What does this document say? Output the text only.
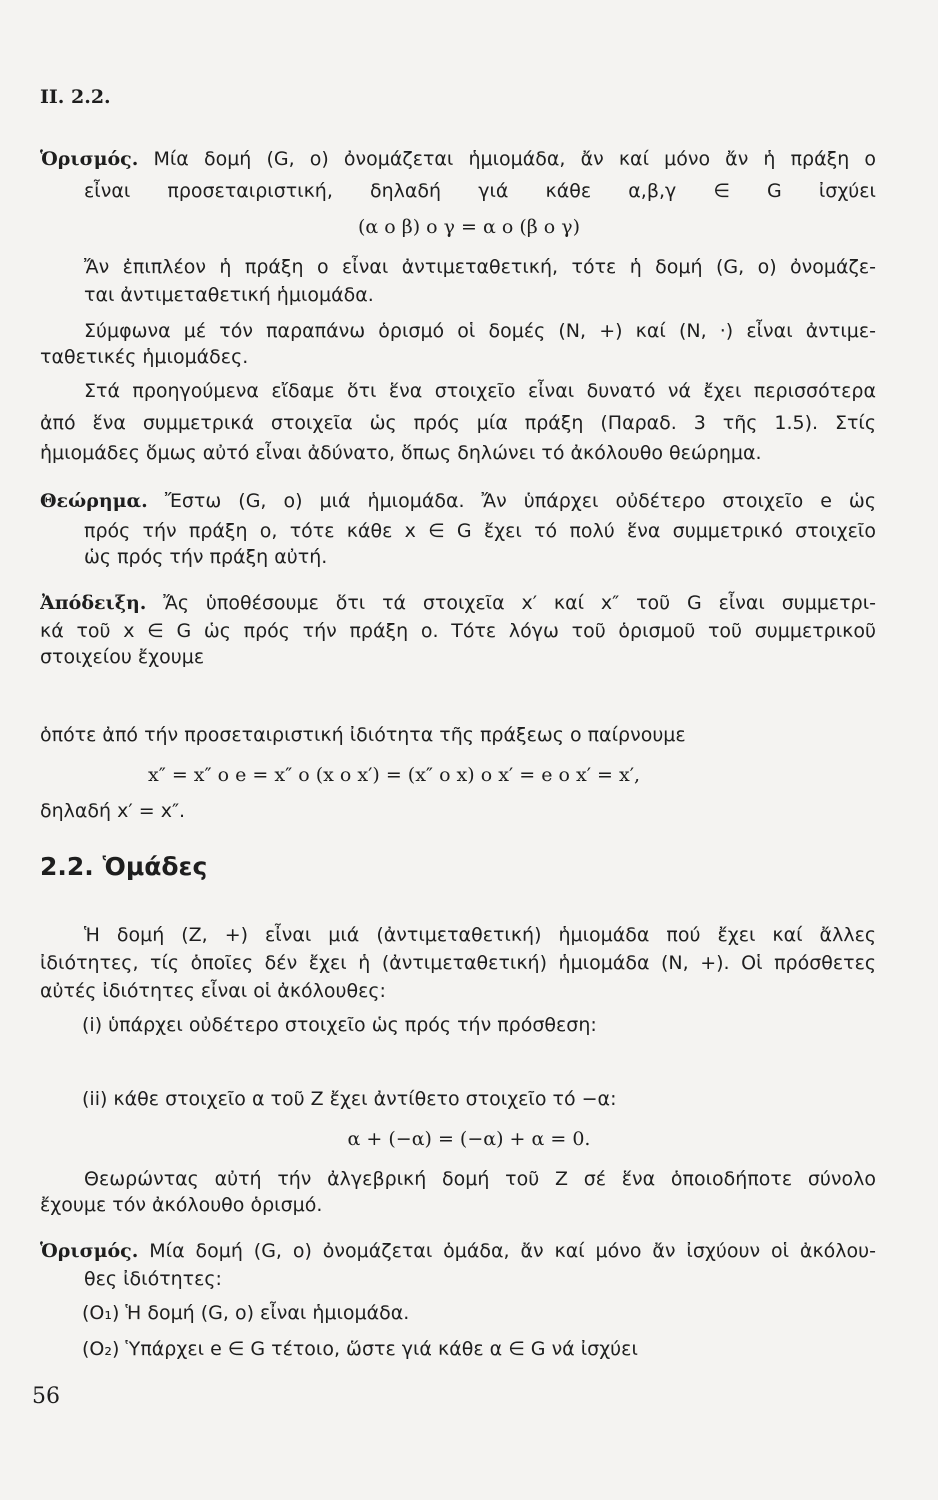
II. 2.2.
Ὁρισμός. Μία δομή (G, ο) ὀνομάζεται ἡμιομάδα, ἄν καί μόνο ἄν ἡ πράξη ο
εἶναι προσεταιριστική, δηλαδή γιά κάθε α,β,γ ∈ G ἰσχύει
(α ο β) ο γ = α ο (β ο γ)
Ἄν ἐπιπλέον ἡ πράξη ο εἶναι ἀντιμεταθετική, τότε ἡ δομή (G, ο) ὀνομάζε-
ται ἀντιμεταθετική ἡμιομάδα.
Σύμφωνα μέ τόν παραπάνω ὁρισμό οἱ δομές (N, +) καί (N, ·) εἶναι ἀντιμε-
ταθετικές ἡμιομάδες.
Στά προηγούμενα εἴδαμε ὅτι ἕνα στοιχεῖο εἶναι δυνατό νά ἔχει περισσότερα
ἀπό ἕνα συμμετρικά στοιχεῖα ὡς πρός μία πράξη (Παραδ. 3 τῆς 1.5). Στίς
ἡμιομάδες ὅμως αὐτό εἶναι ἀδύνατο, ὅπως δηλώνει τό ἀκόλουθο θεώρημα.
Θεώρημα. Ἔστω (G, ο) μιά ἡμιομάδα. Ἄν ὑπάρχει οὐδέτερο στοιχεῖο e ὡς
πρός τήν πράξη ο, τότε κάθε x ∈ G ἔχει τό πολύ ἕνα συμμετρικό στοιχεῖο
ὡς πρός τήν πράξη αὐτή.
Ἀπόδειξη. Ἄς ὑποθέσουμε ὅτι τά στοιχεῖα x′ καί x″ τοῦ G εἶναι συμμετρι-
κά τοῦ x ∈ G ὡς πρός τήν πράξη ο. Τότε λόγω τοῦ ὁρισμοῦ τοῦ συμμετρικοῦ
στοιχείου ἔχουμε
ὁπότε ἀπό τήν προσεταιριστική ἰδιότητα τῆς πράξεως ο παίρνουμε
x″ = x″ ο e = x″ ο (x ο x′) = (x″ ο x) ο x′ = e ο x′ = x′,
δηλαδή x′ = x″.
2.2. Ὁμάδες
Ἡ δομή (Z, +) εἶναι μιά (ἀντιμεταθετική) ἡμιομάδα πού ἔχει καί ἄλλες
ἰδιότητες, τίς ὁποῖες δέν ἔχει ἡ (ἀντιμεταθετική) ἡμιομάδα (N, +). Οἱ πρόσθετες
αὐτές ἰδιότητες εἶναι οἱ ἀκόλουθες:
(i) ὑπάρχει οὐδέτερο στοιχεῖο ὡς πρός τήν πρόσθεση:
(ii) κάθε στοιχεῖο α τοῦ Z ἔχει ἀντίθετο στοιχεῖο τό −α:
α + (−α) = (−α) + α = 0.
Θεωρώντας αὐτή τήν ἀλγεβρική δομή τοῦ Z σέ ἕνα ὁποιοδήποτε σύνολο
ἔχουμε τόν ἀκόλουθο ὁρισμό.
Ὁρισμός. Μία δομή (G, ο) ὀνομάζεται ὁμάδα, ἄν καί μόνο ἄν ἰσχύουν οἱ ἀκόλου-
θες ἰδιότητες:
(O₁) Ἡ δομή (G, ο) εἶναι ἡμιομάδα.
(O₂) Ὑπάρχει e ∈ G τέτοιο, ὥστε γιά κάθε α ∈ G νά ἰσχύει
56
